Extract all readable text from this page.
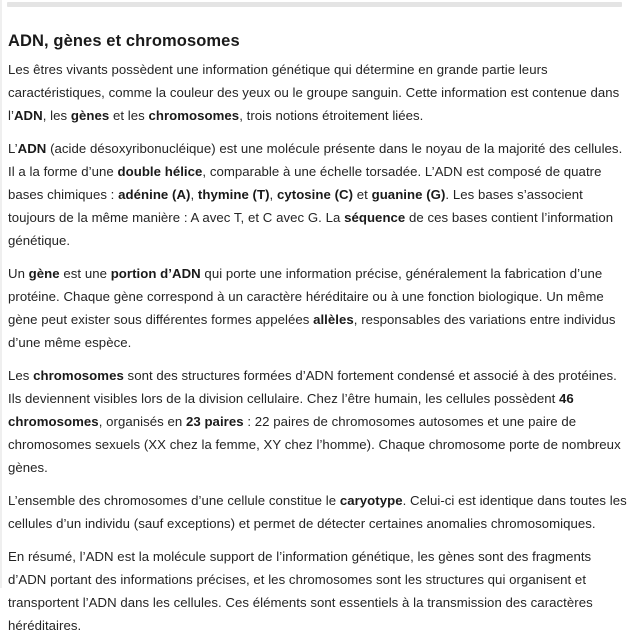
ADN, gènes et chromosomes

Les êtres vivants possèdent une information génétique qui détermine en grande partie leurs caractéristiques, comme la couleur des yeux ou le groupe sanguin. Cette information est contenue dans l’ADN, les gènes et les chromosomes, trois notions étroitement liées.

L’ADN (acide désoxyribonucléique) est une molécule présente dans le noyau de la majorité des cellules. Il a la forme d’une double hélice, comparable à une échelle torsadée. L’ADN est composé de quatre bases chimiques : adénine (A), thymine (T), cytosine (C) et guanine (G). Les bases s’associent toujours de la même manière : A avec T, et C avec G. La séquence de ces bases contient l’information génétique.

Un gène est une portion d’ADN qui porte une information précise, généralement la fabrication d’une protéine. Chaque gène correspond à un caractère héréditaire ou à une fonction biologique. Un même gène peut exister sous différentes formes appelées allèles, responsables des variations entre individus d’une même espèce.

Les chromosomes sont des structures formées d’ADN fortement condensé et associé à des protéines. Ils deviennent visibles lors de la division cellulaire. Chez l’être humain, les cellules possèdent 46 chromosomes, organisés en 23 paires : 22 paires de chromosomes autosomes et une paire de chromosomes sexuels (XX chez la femme, XY chez l’homme). Chaque chromosome porte de nombreux gènes.

L’ensemble des chromosomes d’une cellule constitue le caryotype. Celui-ci est identique dans toutes les cellules d’un individu (sauf exceptions) et permet de détecter certaines anomalies chromosomiques.

En résumé, l’ADN est la molécule support de l’information génétique, les gènes sont des fragments d’ADN portant des informations précises, et les chromosomes sont les structures qui organisent et transportent l’ADN dans les cellules. Ces éléments sont essentiels à la transmission des caractères héréditaires.
